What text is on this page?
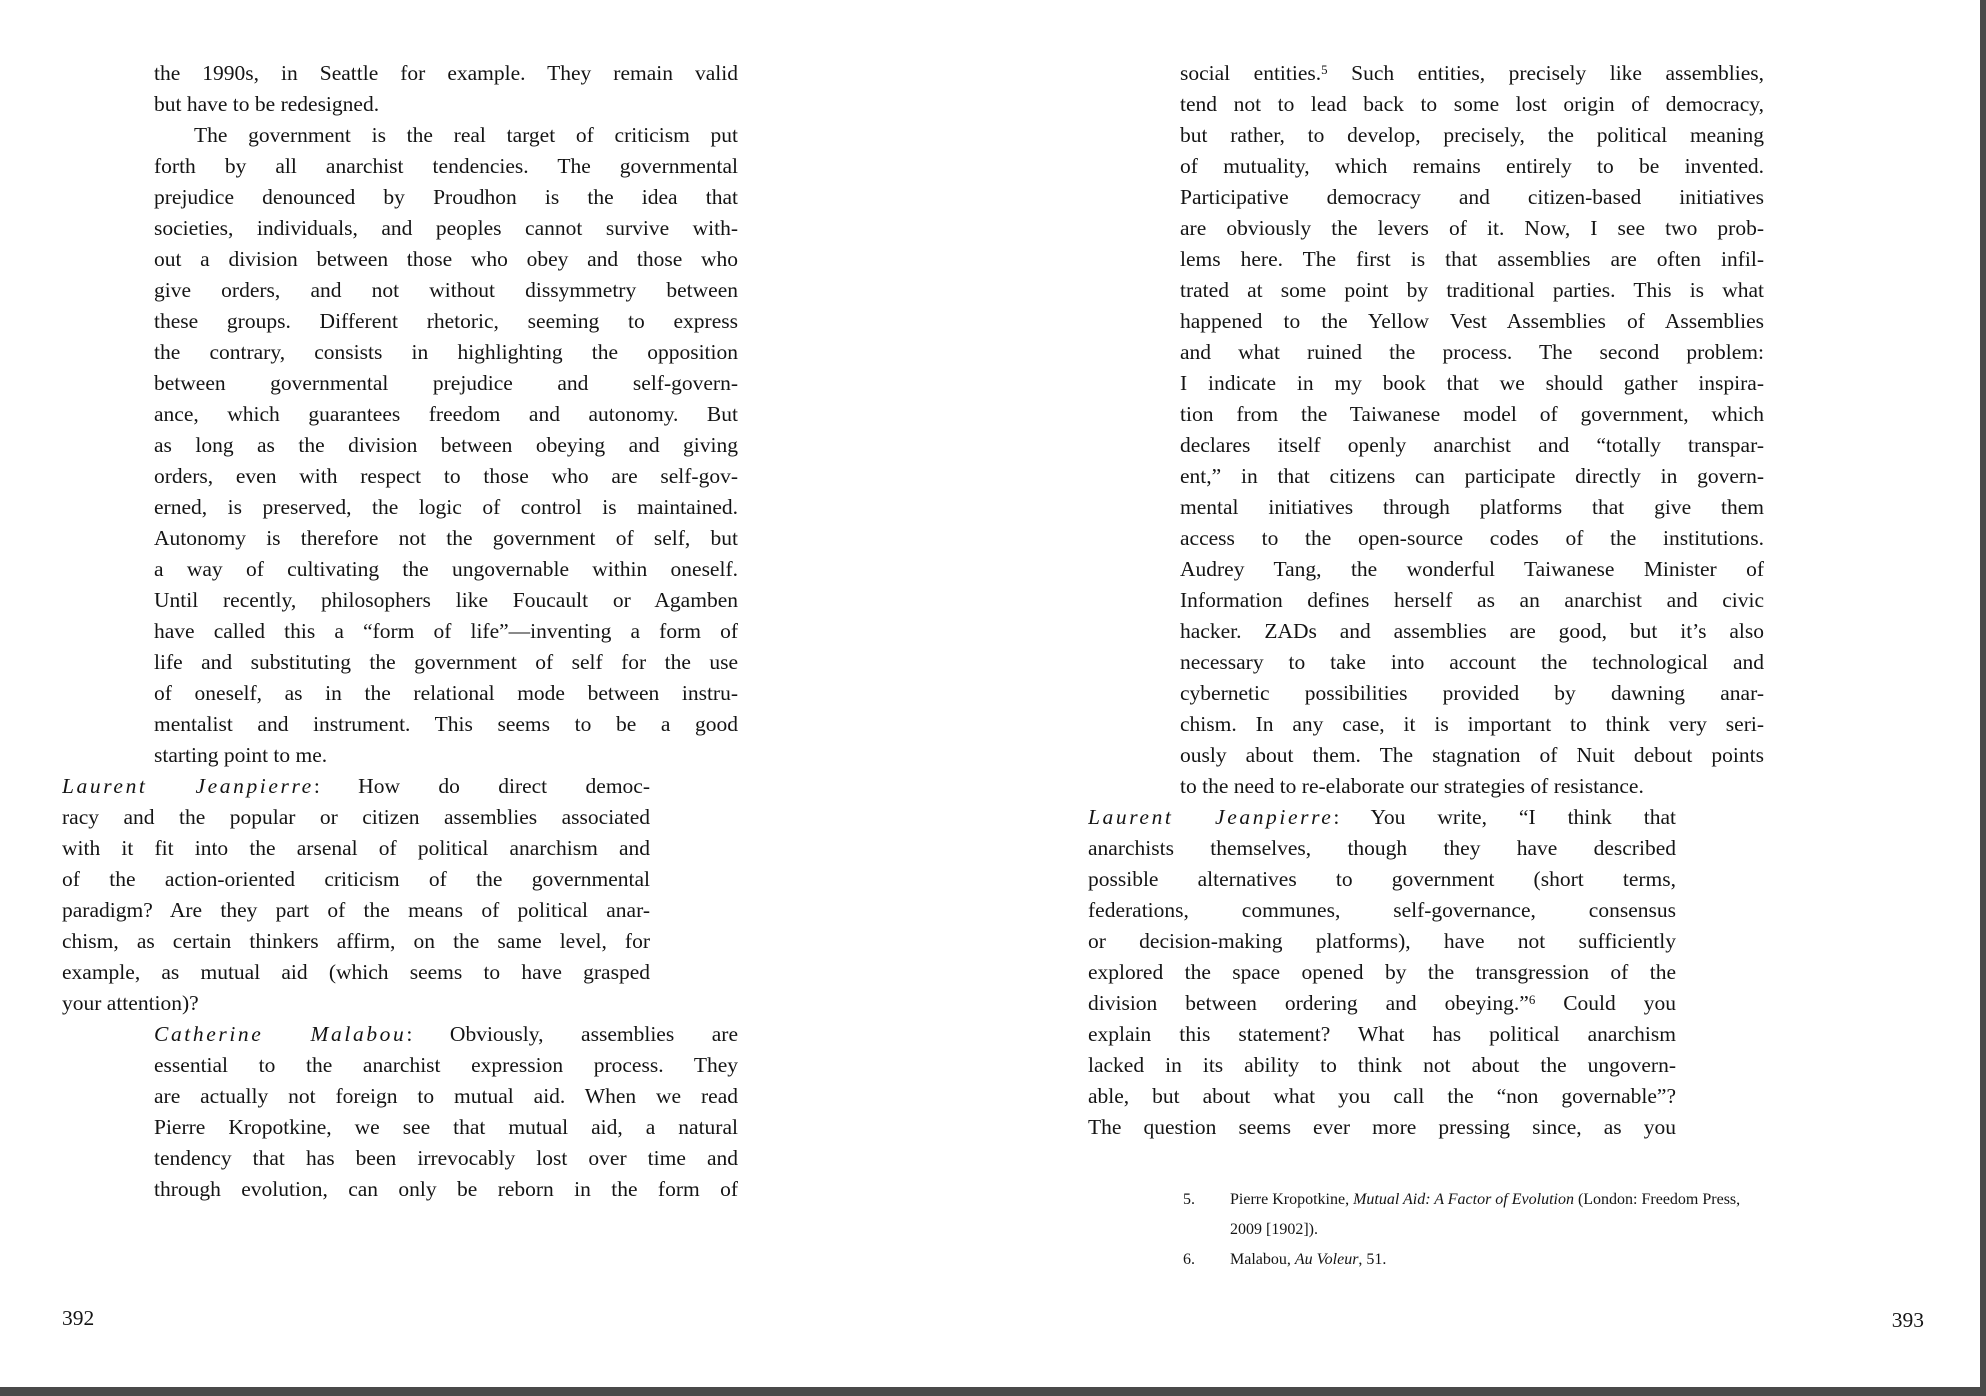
the 1990s, in Seattle for example. They remain valid
but have to be redesigned.
The government is the real target of criticism put
forth by all anarchist tendencies. The governmental
prejudice denounced by Proudhon is the idea that
societies, individuals, and peoples cannot survive with-
out a division between those who obey and those who
give orders, and not without dissymmetry between
these groups. Different rhetoric, seeming to express
the contrary, consists in highlighting the opposition
between governmental prejudice and self-govern-
ance, which guarantees freedom and autonomy. But
as long as the division between obeying and giving
orders, even with respect to those who are self-gov-
erned, is preserved, the logic of control is maintained.
Autonomy is therefore not the government of self, but
a way of cultivating the ungovernable within oneself.
Until recently, philosophers like Foucault or Agamben
have called this a “form of life”—inventing a form of
life and substituting the government of self for the use
of oneself, as in the relational mode between instru-
mentalist and instrument. This seems to be a good
starting point to me.
Laurent Jeanpierre: How do direct democ-
racy and the popular or citizen assemblies associated
with it fit into the arsenal of political anarchism and
of the action-oriented criticism of the governmental
paradigm? Are they part of the means of political anar-
chism, as certain thinkers affirm, on the same level, for
example, as mutual aid (which seems to have grasped
your attention)?
Catherine Malabou: Obviously, assemblies are
essential to the anarchist expression process. They
are actually not foreign to mutual aid. When we read
Pierre Kropotkine, we see that mutual aid, a natural
tendency that has been irrevocably lost over time and
through evolution, can only be reborn in the form of
social entities.$^5$ Such entities, precisely like assemblies,
tend not to lead back to some lost origin of democracy,
but rather, to develop, precisely, the political meaning
of mutuality, which remains entirely to be invented.
Participative democracy and citizen-based initiatives
are obviously the levers of it. Now, I see two prob-
lems here. The first is that assemblies are often infil-
trated at some point by traditional parties. This is what
happened to the Yellow Vest Assemblies of Assemblies
and what ruined the process. The second problem:
I indicate in my book that we should gather inspira-
tion from the Taiwanese model of government, which
declares itself openly anarchist and “totally transpar-
ent,” in that citizens can participate directly in govern-
mental initiatives through platforms that give them
access to the open-source codes of the institutions.
Audrey Tang, the wonderful Taiwanese Minister of
Information defines herself as an anarchist and civic
hacker. ZADs and assemblies are good, but it’s also
necessary to take into account the technological and
cybernetic possibilities provided by dawning anar-
chism. In any case, it is important to think very seri-
ously about them. The stagnation of Nuit debout points
to the need to re-elaborate our strategies of resistance.
Laurent Jeanpierre: You write, “I think that
anarchists themselves, though they have described
possible alternatives to government (short terms,
federations, communes, self-governance, consensus
or decision-making platforms), have not sufficiently
explored the space opened by the transgression of the
division between ordering and obeying.”$^6$ Could you
explain this statement? What has political anarchism
lacked in its ability to think not about the ungovern-
able, but about what you call the “non governable”?
The question seems ever more pressing since, as you
5.	Pierre Kropotkine, Mutual Aid: A Factor of Evolution (London: Freedom Press,
2009 [1902]).
6.	Malabou, Au Voleur, 51.
392	393
